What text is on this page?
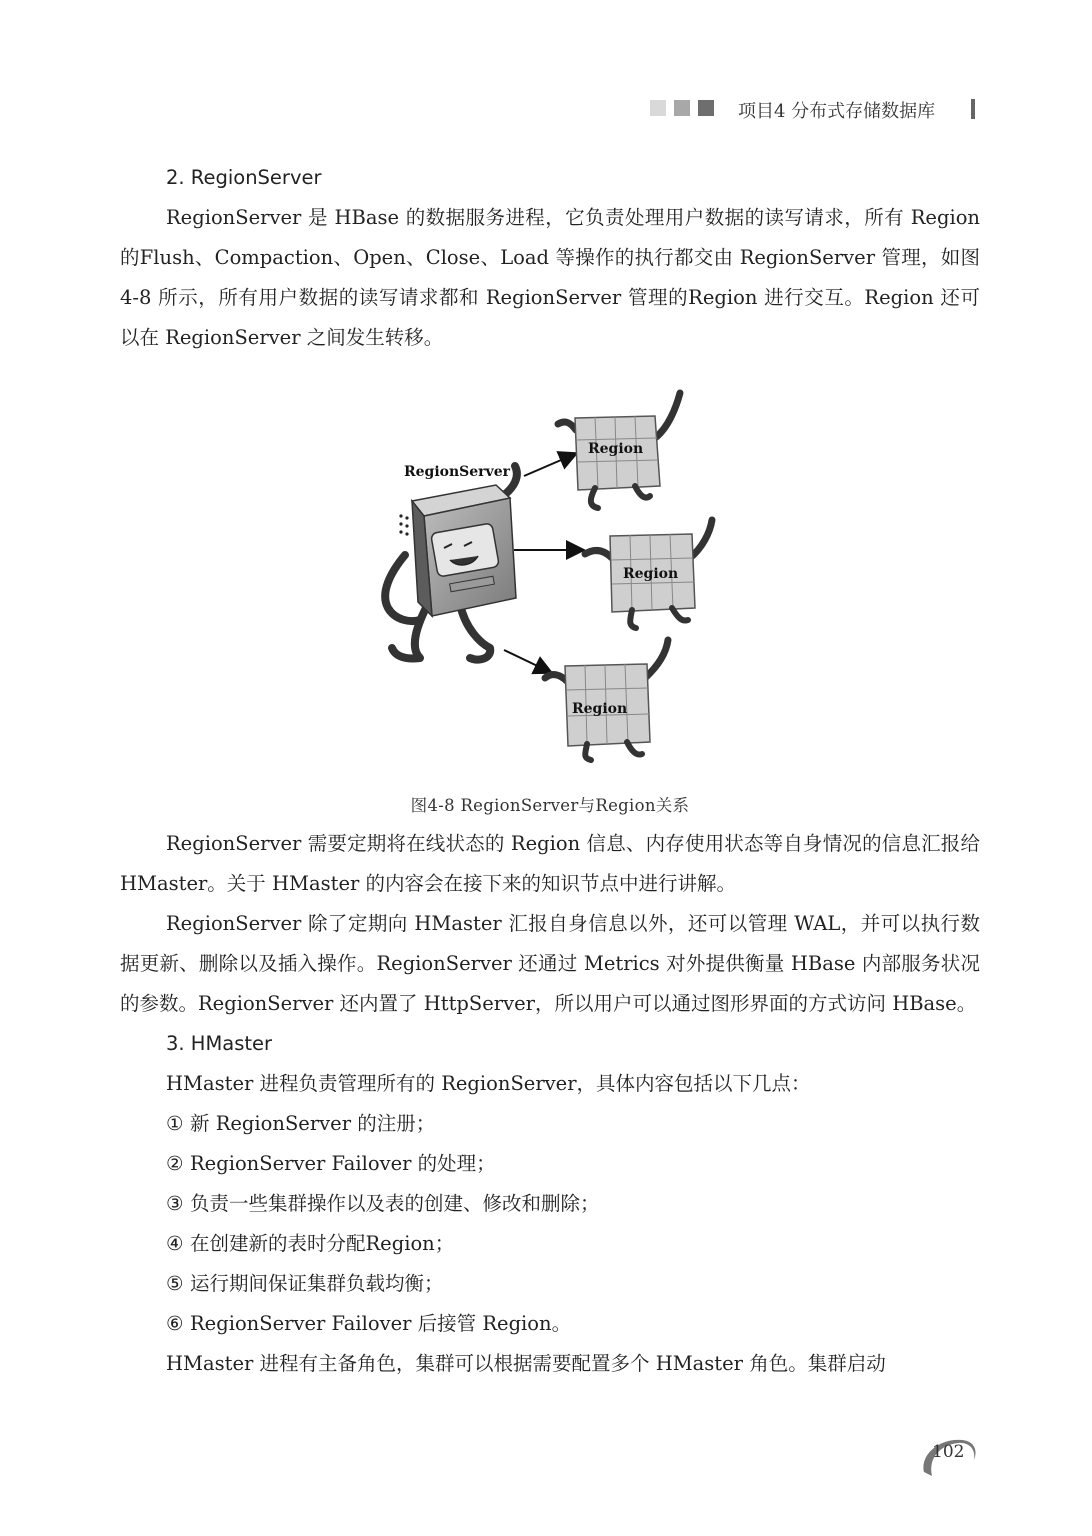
项目4 分布式存储数据库
2. RegionServer

RegionServer 是 HBase 的数据服务进程，它负责处理用户数据的读写请求，所有 Region 的Flush、Compaction、Open、Close、Load 等操作的执行都交由 RegionServer 管理，如图4-8 所示，所有用户数据的读写请求都和 RegionServer 管理的Region 进行交互。Region 还可以在 RegionServer 之间发生转移。

RegionServer
Region
Region
Region
图4-8 RegionServer与Region关系

RegionServer 需要定期将在线状态的 Region 信息、内存使用状态等自身情况的信息汇报给 HMaster。关于 HMaster 的内容会在接下来的知识节点中进行讲解。

RegionServer 除了定期向 HMaster 汇报自身信息以外，还可以管理 WAL，并可以执行数据更新、删除以及插入操作。RegionServer 还通过 Metrics 对外提供衡量 HBase 内部服务状况的参数。RegionServer 还内置了 HttpServer，所以用户可以通过图形界面的方式访问 HBase。

3. HMaster
HMaster 进程负责管理所有的 RegionServer，具体内容包括以下几点：
① 新 RegionServer 的注册；
② RegionServer Failover 的处理；
③ 负责一些集群操作以及表的创建、修改和删除；
④ 在创建新的表时分配Region；
⑤ 运行期间保证集群负载均衡；
⑥ RegionServer Failover 后接管 Region。
HMaster 进程有主备角色，集群可以根据需要配置多个 HMaster 角色。集群启动
102
